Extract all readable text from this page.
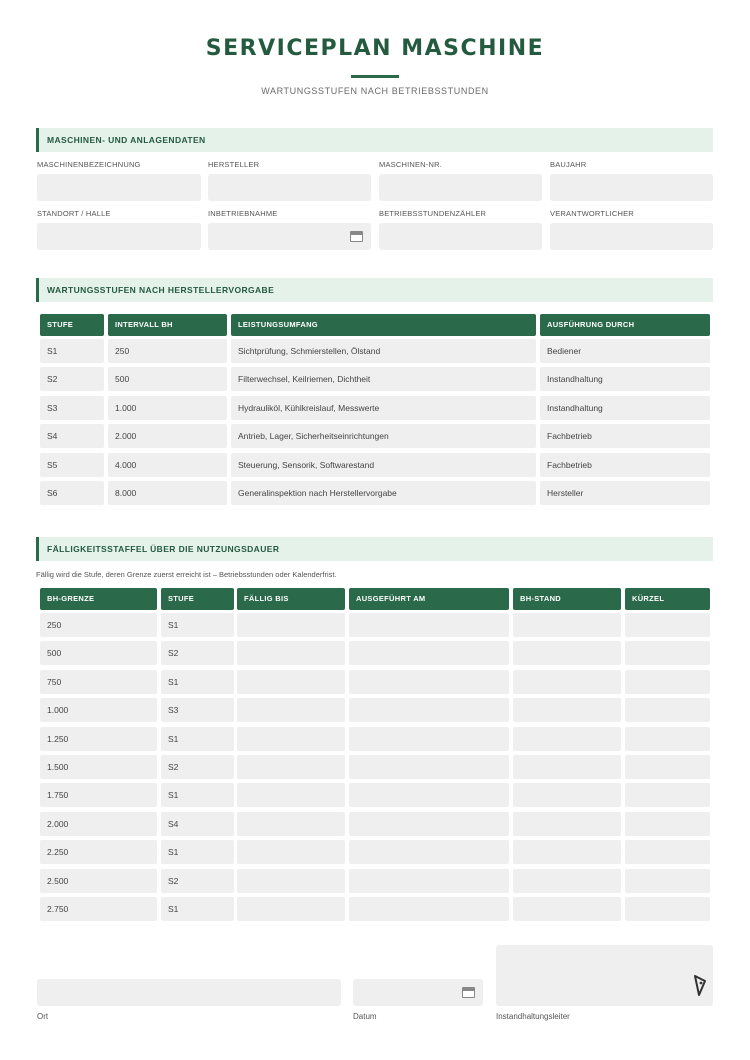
SERVICEPLAN MASCHINE
WARTUNGSSTUFEN NACH BETRIEBSSTUNDEN
MASCHINEN- UND ANLAGENDATEN
MASCHINENBEZEICHNUNG	HERSTELLER	MASCHINEN-NR.	BAUJAHR
STANDORT / HALLE	INBETRIEBNAHME	BETRIEBSSTUNDENZÄHLER	VERANTWORTLICHER
WARTUNGSSTUFEN NACH HERSTELLERVORGABE
STUFE	INTERVALL BH	LEISTUNGSUMFANG	AUSFÜHRUNG DURCH
S1	250	Sichtprüfung, Schmierstellen, Ölstand	Bediener
S2	500	Filterwechsel, Keilriemen, Dichtheit	Instandhaltung
S3	1.000	Hydrauliköl, Kühlkreislauf, Messwerte	Instandhaltung
S4	2.000	Antrieb, Lager, Sicherheitseinrichtungen	Fachbetrieb
S5	4.000	Steuerung, Sensorik, Softwarestand	Fachbetrieb
S6	8.000	Generalinspektion nach Herstellervorgabe	Hersteller
FÄLLIGKEITSSTAFFEL ÜBER DIE NUTZUNGSDAUER
Fällig wird die Stufe, deren Grenze zuerst erreicht ist – Betriebsstunden oder Kalenderfrist.
BH-GRENZE	STUFE	FÄLLIG BIS	AUSGEFÜHRT AM	BH-STAND	KÜRZEL
250	S1
500	S2
750	S1
1.000	S3
1.250	S1
1.500	S2
1.750	S1
2.000	S4
2.250	S1
2.500	S2
2.750	S1
Ort	Datum	Instandhaltungsleiter
